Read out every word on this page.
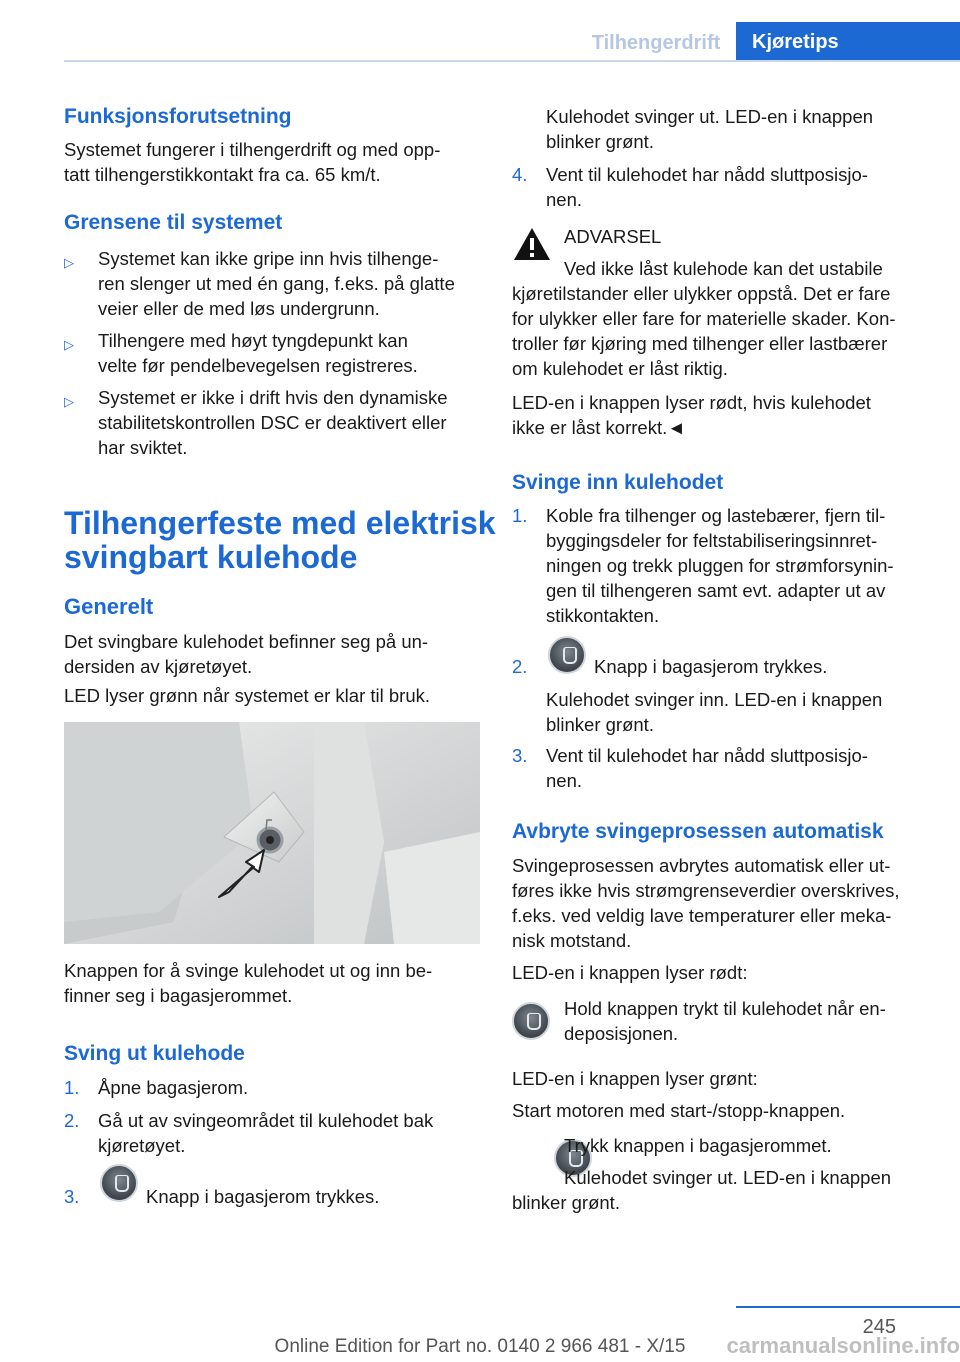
Tilhengerdrift	Kjøretips
Funksjonsforutsetning
Systemet fungerer i tilhengerdrift og med opp-
tatt tilhengerstikkontakt fra ca. 65 km/t.
Grensene til systemet
▷ Systemet kan ikke gripe inn hvis tilhenge-
ren slenger ut med én gang, f.eks. på glatte
veier eller de med løs undergrunn.
▷ Tilhengere med høyt tyngdepunkt kan
velte før pendelbevegelsen registreres.
▷ Systemet er ikke i drift hvis den dynamiske
stabilitetskontrollen DSC er deaktivert eller
har sviktet.
Tilhengerfeste med elektrisk
svingbart kulehode
Generelt
Det svingbare kulehodet befinner seg på un-
dersiden av kjøretøyet.
LED lyser grønn når systemet er klar til bruk.
Knappen for å svinge kulehodet ut og inn be-
finner seg i bagasjerommet.
Sving ut kulehode
1. Åpne bagasjerom.
2. Gå ut av svingeområdet til kulehodet bak
kjøretøyet.
3.	Knapp i bagasjerom trykkes.
Kulehodet svinger ut. LED-en i knappen
blinker grønt.
4. Vent til kulehodet har nådd sluttposisjo-
nen.
ADVARSEL
Ved ikke låst kulehode kan det ustabile
kjøretilstander eller ulykker oppstå. Det er fare
for ulykker eller fare for materielle skader. Kon-
troller før kjøring med tilhenger eller lastbærer
om kulehodet er låst riktig.
LED-en i knappen lyser rødt, hvis kulehodet
ikke er låst korrekt.◄
Svinge inn kulehodet
1. Koble fra tilhenger og lastebærer, fjern til-
byggingsdeler for feltstabiliseringsinnret-
ningen og trekk pluggen for strømforsynin-
gen til tilhengeren samt evt. adapter ut av
stikkontakten.
2.	Knapp i bagasjerom trykkes.
Kulehodet svinger inn. LED-en i knappen
blinker grønt.
3. Vent til kulehodet har nådd sluttposisjo-
nen.
Avbryte svingeprosessen automatisk
Svingeprosessen avbrytes automatisk eller ut-
føres ikke hvis strømgrenseverdier overskrives,
f.eks. ved veldig lave temperaturer eller meka-
nisk motstand.
LED-en i knappen lyser rødt:

Hold knappen trykt til kulehodet når en-
deposisjonen.
LED-en i knappen lyser grønt:
Start motoren med start-/stopp-knappen.
Trykk knappen i bagasjerommet.
Kulehodet svinger ut. LED-en i knappen
blinker grønt.
245
Online Edition for Part no. 0140 2 966 481 - X/15	carmanualsonline.info
